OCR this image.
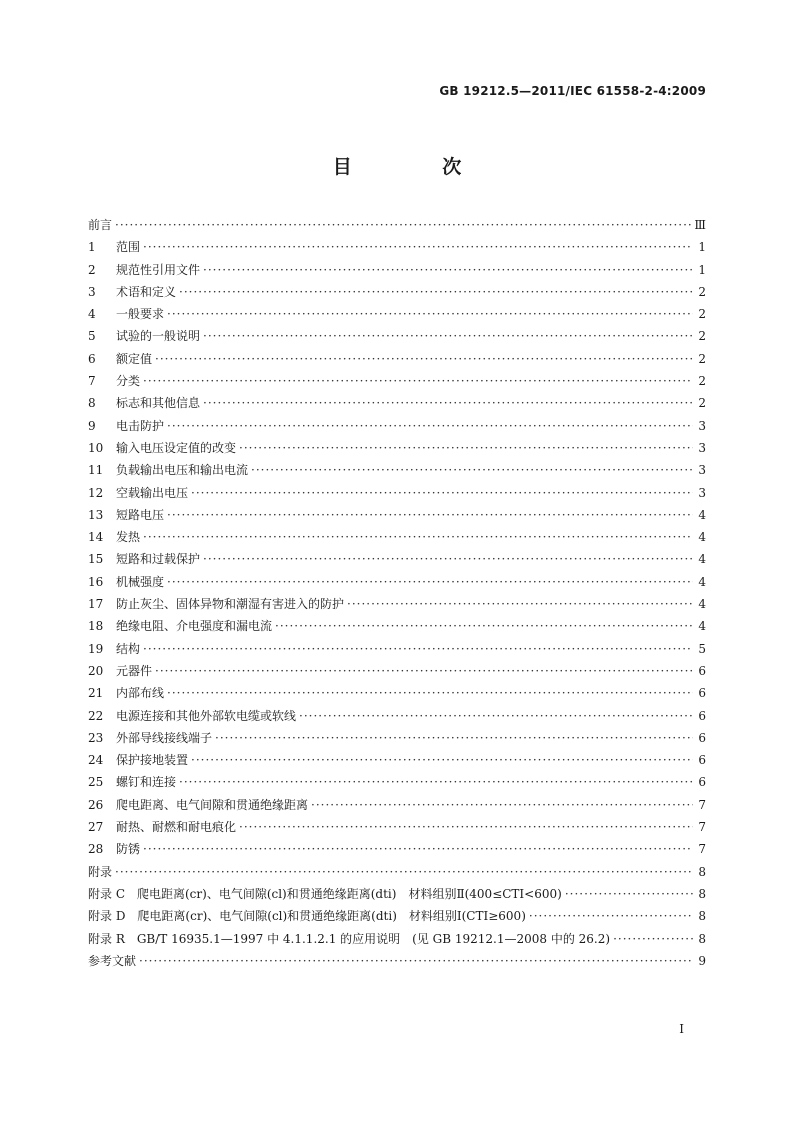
GB 19212.5—2011/IEC 61558-2-4:2009
目 次
前言 ·····	Ⅲ
1	范围 ·····	1
2	规范性引用文件 ·····	1
3	术语和定义 ·····	2
4	一般要求 ·····	2
5	试验的一般说明 ·····	2
6	额定值 ·····	2
7	分类 ·····	2
8	标志和其他信息 ·····	2
9	电击防护 ·····	3
10	输入电压设定值的改变 ·····	3
11	负载输出电压和输出电流 ·····	3
12	空载输出电压 ·····	3
13	短路电压 ·····	4
14	发热 ·····	4
15	短路和过载保护 ·····	4
16	机械强度 ·····	4
17	防止灰尘、固体异物和潮湿有害进入的防护 ·····	4
18	绝缘电阻、介电强度和漏电流 ·····	4
19	结构 ·····	5
20	元器件 ·····	6
21	内部布线 ·····	6
22	电源连接和其他外部软电缆或软线 ·····	6
23	外部导线接线端子 ·····	6
24	保护接地装置 ·····	6
25	螺钉和连接 ·····	6
26	爬电距离、电气间隙和贯通绝缘距离 ·····	7
27	耐热、耐燃和耐电痕化 ·····	7
28	防锈 ·····	7
附录 ·····	8
附录 C　爬电距离(cr)、电气间隙(cl)和贯通绝缘距离(dti)　材料组别Ⅱ(400≤CTI<600) ·····	8
附录 D　爬电距离(cr)、电气间隙(cl)和贯通绝缘距离(dti)　材料组别Ⅰ(CTI≥600) ·····	8
附录 R　GB/T 16935.1—1997 中 4.1.1.2.1 的应用说明　(见 GB 19212.1—2008 中的 26.2) ·····	8
参考文献 ·····	9
I
